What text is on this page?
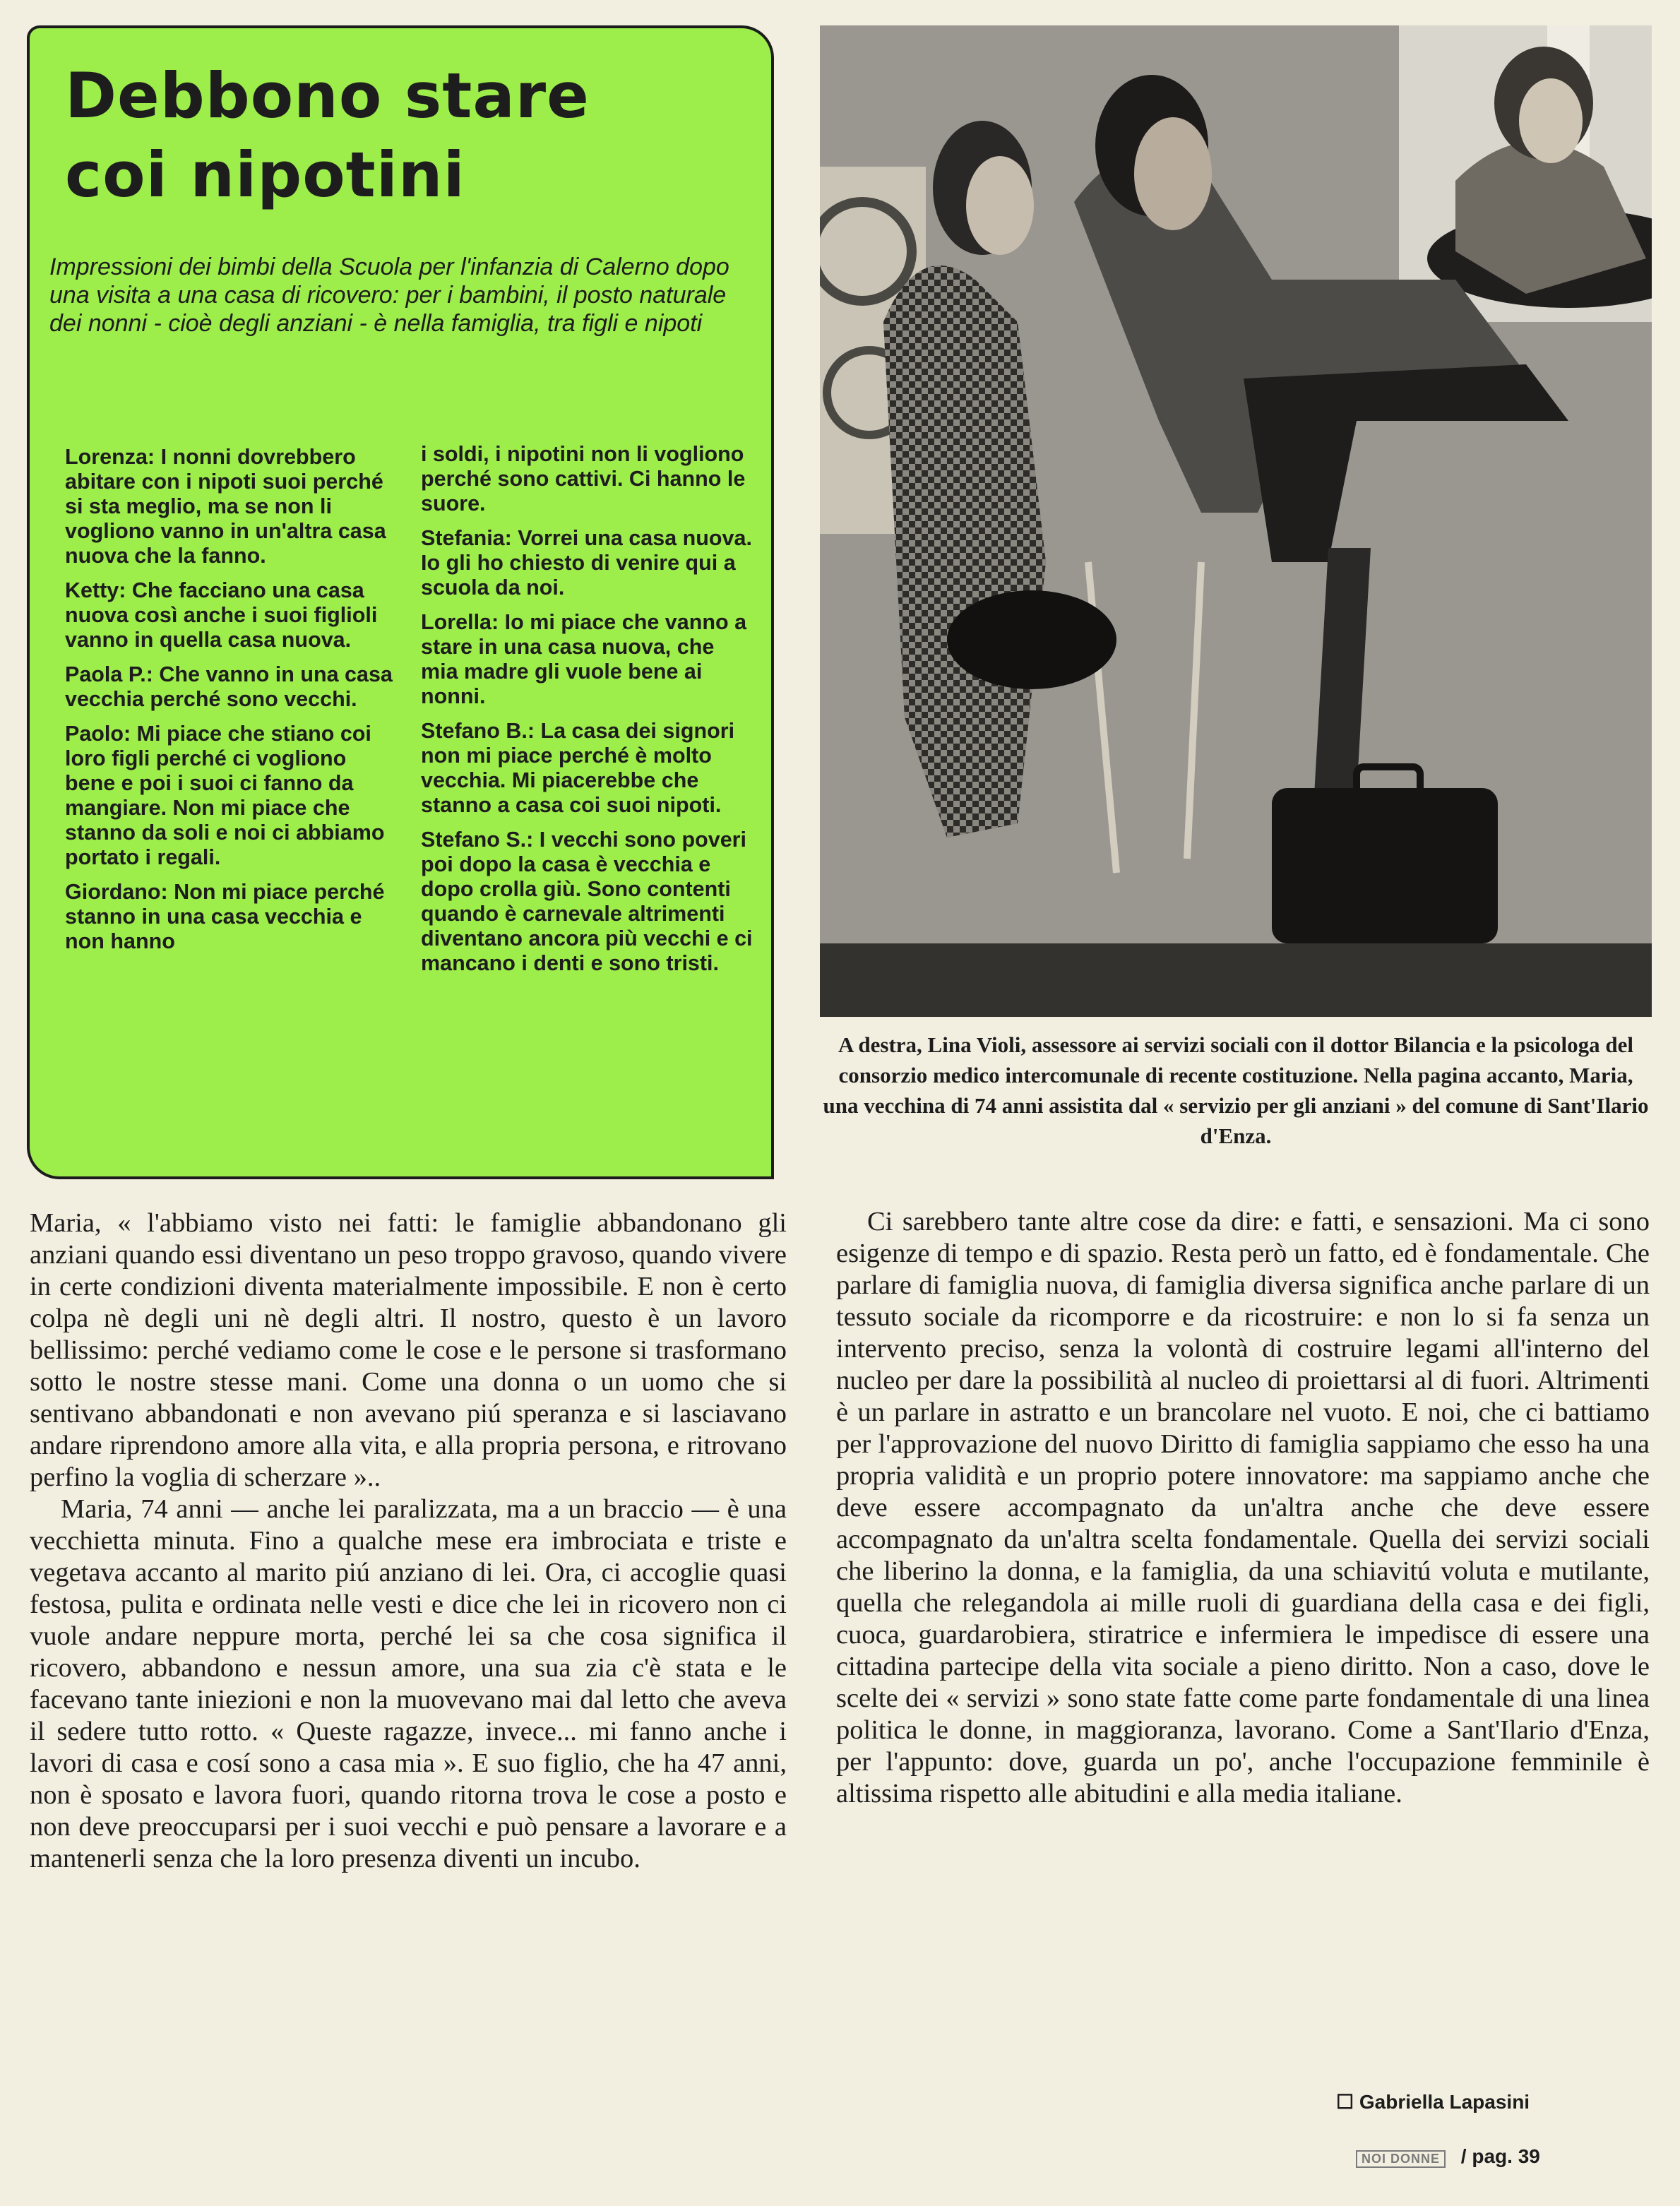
Debbono stare
coi nipotini

Impressioni dei bimbi della Scuola per l'infanzia di Calerno dopo una visita a una casa di ricovero: per i bambini, il posto naturale dei nonni - cioè degli anziani - è nella famiglia, tra figli e nipoti

Lorenza: I nonni dovrebbero abitare con i nipoti suoi perché si sta meglio, ma se non li vogliono vanno in un'altra casa nuova che la fanno.

Ketty: Che facciano una casa nuova così anche i suoi figlioli vanno in quella casa nuova.

Paola P.: Che vanno in una casa vecchia perché sono vecchi.

Paolo: Mi piace che stiano coi loro figli perché ci vogliono bene e poi i suoi ci fanno da mangiare. Non mi piace che stanno da soli e noi ci abbiamo portato i regali.

Giordano: Non mi piace perché stanno in una casa vecchia e non hanno

i soldi, i nipotini non li vogliono perché sono cattivi. Ci hanno le suore.

Stefania: Vorrei una casa nuova. Io gli ho chiesto di venire qui a scuola da noi.

Lorella: Io mi piace che vanno a stare in una casa nuova, che mia madre gli vuole bene ai nonni.

Stefano B.: La casa dei signori non mi piace perché è molto vecchia. Mi piacerebbe che stanno a casa coi suoi nipoti.

Stefano S.: I vecchi sono poveri poi dopo la casa è vecchia e dopo crolla giù. Sono contenti quando è carnevale altrimenti diventano ancora più vecchi e ci mancano i denti e sono tristi.

A destra, Lina Violi, assessore ai servizi sociali con il dottor Bilancia e la psicologa del consorzio medico intercomunale di recente costituzione. Nella pagina accanto, Maria, una vecchina di 74 anni assistita dal « servizio per gli anziani » del comune di Sant'Ilario d'Enza.

Maria, « l'abbiamo visto nei fatti: le famiglie abbandonano gli anziani quando essi diventano un peso troppo gravoso, quando vivere in certe condizioni diventa materialmente impossibile. E non è certo colpa nè degli uni nè degli altri. Il nostro, questo è un lavoro bellissimo: perché vediamo come le cose e le persone si trasformano sotto le nostre stesse mani. Come una donna o un uomo che si sentivano abbandonati e non avevano piú speranza e si lasciavano andare riprendono amore alla vita, e alla propria persona, e ritrovano perfino la voglia di scherzare »..

Maria, 74 anni — anche lei paralizzata, ma a un braccio — è una vecchietta minuta. Fino a qualche mese era imbrociata e triste e vegetava accanto al marito piú anziano di lei. Ora, ci accoglie quasi festosa, pulita e ordinata nelle vesti e dice che lei in ricovero non ci vuole andare neppure morta, perché lei sa che cosa significa il ricovero, abbandono e nessun amore, una sua zia c'è stata e le facevano tante iniezioni e non la muovevano mai dal letto che aveva il sedere tutto rotto. « Queste ragazze, invece... mi fanno anche i lavori di casa e cosí sono a casa mia ». E suo figlio, che ha 47 anni, non è sposato e lavora fuori, quando ritorna trova le cose a posto e non deve preoccuparsi per i suoi vecchi e può pensare a lavorare e a mantenerli senza che la loro presenza diventi un incubo.

Ci sarebbero tante altre cose da dire: e fatti, e sensazioni. Ma ci sono esigenze di tempo e di spazio. Resta però un fatto, ed è fondamentale. Che parlare di famiglia nuova, di famiglia diversa significa anche parlare di un tessuto sociale da ricomporre e da ricostruire: e non lo si fa senza un intervento preciso, senza la volontà di costruire legami all'interno del nucleo per dare la possibilità al nucleo di proiettarsi al di fuori. Altrimenti è un parlare in astratto e un brancolare nel vuoto. E noi, che ci battiamo per l'approvazione del nuovo Diritto di famiglia sappiamo che esso ha una propria validità e un proprio potere innovatore: ma sappiamo anche che deve essere accompagnato da un'altra anche che deve essere accompagnato da un'altra scelta fondamentale. Quella dei servizi sociali che liberino la donna, e la famiglia, da una schiavitú voluta e mutilante, quella che relegandola ai mille ruoli di guardiana della casa e dei figli, cuoca, guardarobiera, stiratrice e infermiera le impedisce di essere una cittadina partecipe della vita sociale a pieno diritto. Non a caso, dove le scelte dei « servizi » sono state fatte come parte fondamentale di una linea politica le donne, in maggioranza, lavorano. Come a Sant'Ilario d'Enza, per l'appunto: dove, guarda un po', anche l'occupazione femminile è altissima rispetto alle abitudini e alla media italiane.

☐ Gabriella Lapasini
NOI DONNE / pag. 39
